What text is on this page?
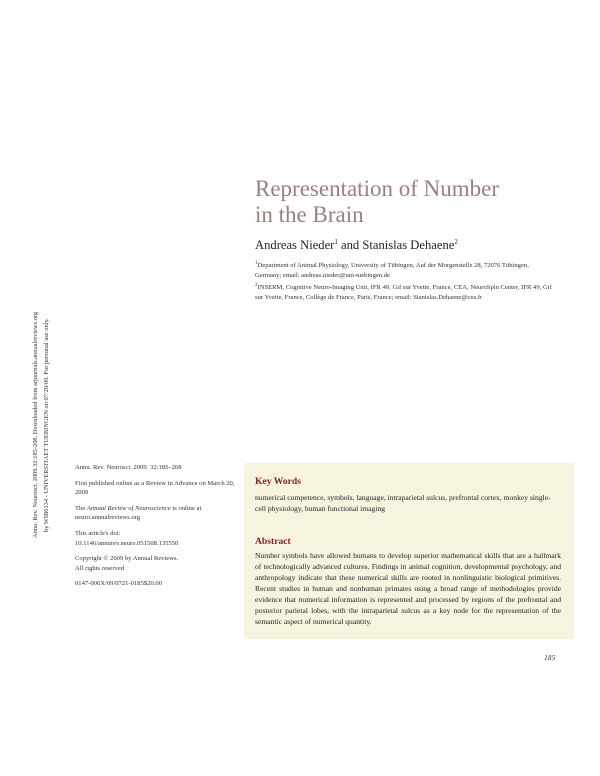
Annu. Rev. Neurosci. 2009.32:185-208. Downloaded from arjournals.annualreviews.org by WIB6134 - UNIVERSITAET TUEBINGEN on 07/20/09. For personal use only.
Representation of Number
in the Brain

Andreas Nieder$^1$ and Stanislas Dehaene$^2$

$^1$Department of Animal Physiology, University of Tübingen, Auf der Morgenstelle 28, 72076 Tübingen, Germany; email: andreas.nieder@uni-tuebingen.de

$^2$INSERM, Cognitive Neuro-Imaging Unit, IFR 49, Gif sur Yvette, France, CEA, NeuroSpin Center, IFR 49, Gif sur Yvette, France, Collège de France, Paris, France; email: Stanislas.Dehaene@cea.fr

Annu. Rev. Neurosci. 2009. 32:185–208

First published online as a Review in Advance on March 20, 2009

The Annual Review of Neuroscience is online at neuro.annualreviews.org

This article's doi:
10.1146/annurev.neuro.051508.135550

Copyright © 2009 by Annual Reviews.
All rights reserved

0147-006X/09/0721-0185$20.00

Key Words
numerical competence, symbols, language, intraparietal sulcus, prefrontal cortex, monkey single-cell physiology, human functional imaging
Abstract
Number symbols have allowed humans to develop superior mathematical skills that are a hallmark of technologically advanced cultures. Findings in animal cognition, developmental psychology, and anthropology indicate that these numerical skills are rooted in nonlinguistic biological primitives. Recent studies in human and nonhuman primates using a broad range of methodologies provide evidence that numerical information is represented and processed by regions of the prefrontal and posterior parietal lobes, with the intraparietal sulcus as a key node for the representation of the semantic aspect of numerical quantity.
185
